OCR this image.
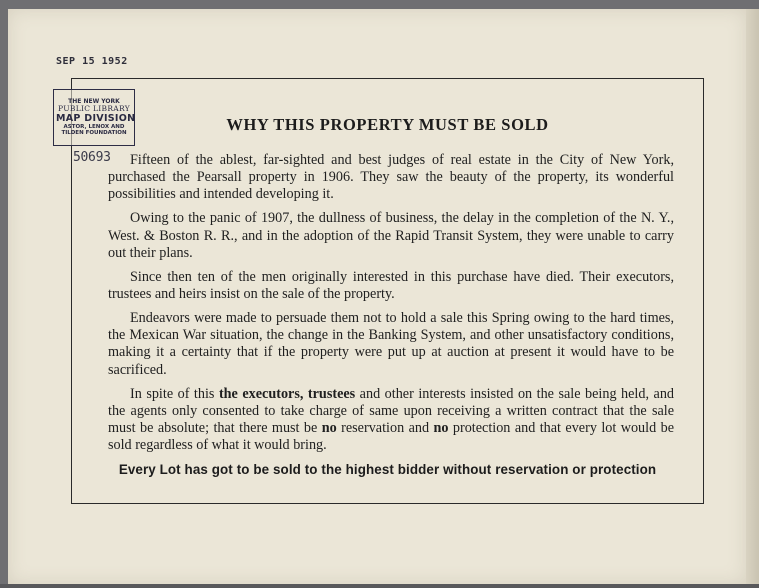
SEP 15 1952

THE NEW YORK
PUBLIC LIBRARY
MAP DIVISION
ASTOR, LENOX AND
TILDEN FOUNDATION

50693

WHY THIS PROPERTY MUST BE SOLD

Fifteen of the ablest, far-sighted and best judges of real estate in the City of New York, purchased the Pearsall property in 1906. They saw the beauty of the property, its wonderful possibilities and intended developing it.

Owing to the panic of 1907, the dullness of business, the delay in the completion of the N. Y., West. & Boston R. R., and in the adoption of the Rapid Transit System, they were unable to carry out their plans.

Since then ten of the men originally interested in this purchase have died. Their executors, trustees and heirs insist on the sale of the property.

Endeavors were made to persuade them not to hold a sale this Spring owing to the hard times, the Mexican War situation, the change in the Banking System, and other unsatisfactory conditions, making it a certainty that if the property were put up at auction at present it would have to be sacrificed.

In spite of this the executors, trustees and other interests insisted on the sale being held, and the agents only consented to take charge of same upon receiving a written contract that the sale must be absolute; that there must be no reservation and no protection and that every lot would be sold regardless of what it would bring.

Every Lot has got to be sold to the highest bidder without reservation or protection
